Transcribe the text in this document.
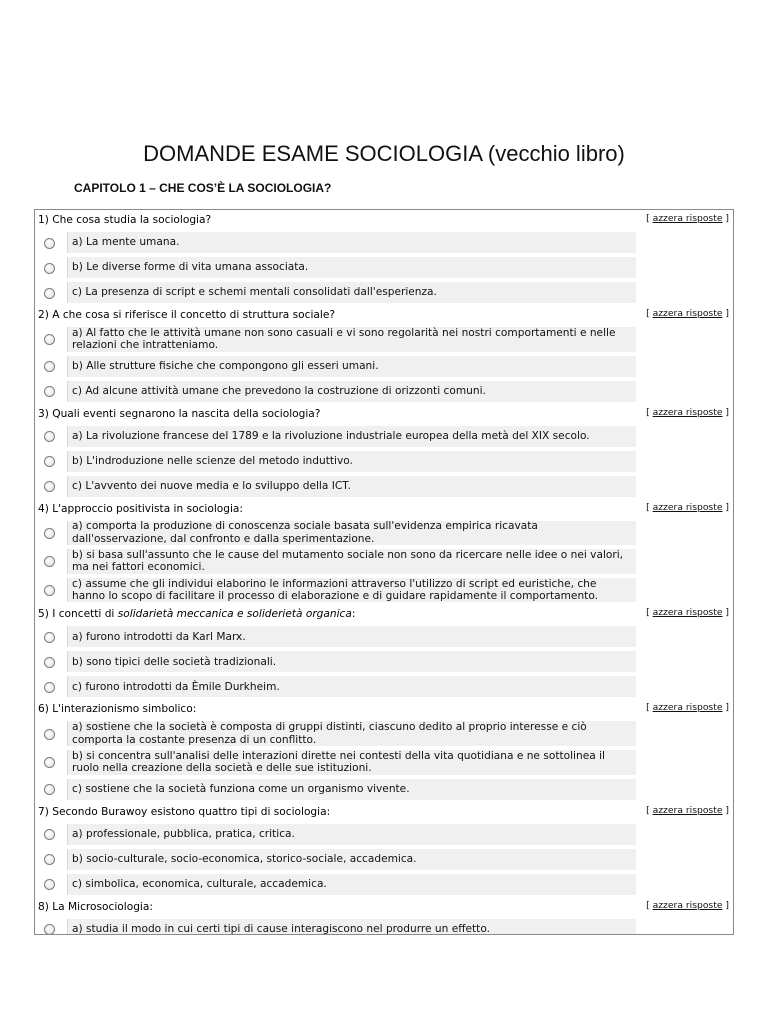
DOMANDE ESAME SOCIOLOGIA (vecchio libro)
CAPITOLO 1 – CHE COS’È LA SOCIOLOGIA?
1) Che cosa studia la sociologia?	[ azzera risposte ]
a) La mente umana.
b) Le diverse forme di vita umana associata.
c) La presenza di script e schemi mentali consolidati dall'esperienza.
2) A che cosa si riferisce il concetto di struttura sociale?	[ azzera risposte ]
a) Al fatto che le attività umane non sono casuali e vi sono regolarità nei nostri comportamenti e nelle relazioni che intratteniamo.
b) Alle strutture fisiche che compongono gli esseri umani.
c) Ad alcune attività umane che prevedono la costruzione di orizzonti comuni.
3) Quali eventi segnarono la nascita della sociologia?	[ azzera risposte ]
a) La rivoluzione francese del 1789 e la rivoluzione industriale europea della metà del XIX secolo.
b) L'indroduzione nelle scienze del metodo induttivo.
c) L'avvento dei nuove media e lo sviluppo della ICT.
4) L'approccio positivista in sociologia:	[ azzera risposte ]
a) comporta la produzione di conoscenza sociale basata sull'evidenza empirica ricavata dall'osservazione, dal confronto e dalla sperimentazione.
b) si basa sull'assunto che le cause del mutamento sociale non sono da ricercare nelle idee o nei valori, ma nei fattori economici.
c) assume che gli individui elaborino le informazioni attraverso l'utilizzo di script ed euristiche, che hanno lo scopo di facilitare il processo di elaborazione e di guidare rapidamente il comportamento.
5) I concetti di solidarietà meccanica e soliderietà organica:	[ azzera risposte ]
a) furono introdotti da Karl Marx.
b) sono tipici delle società tradizionali.
c) furono introdotti da Èmile Durkheim.
6) L'interazionismo simbolico:	[ azzera risposte ]
a) sostiene che la società è composta di gruppi distinti, ciascuno dedito al proprio interesse e ciò comporta la costante presenza di un conflitto.
b) si concentra sull'analisi delle interazioni dirette nei contesti della vita quotidiana e ne sottolinea il ruolo nella creazione della società e delle sue istituzioni.
c) sostiene che la società funziona come un organismo vivente.
7) Secondo Burawoy esistono quattro tipi di sociologia:	[ azzera risposte ]
a) professionale, pubblica, pratica, critica.
b) socio-culturale, socio-economica, storico-sociale, accademica.
c) simbolica, economica, culturale, accademica.
8) La Microsociologia:	[ azzera risposte ]
a) studia il modo in cui certi tipi di cause interagiscono nel produrre un effetto.
